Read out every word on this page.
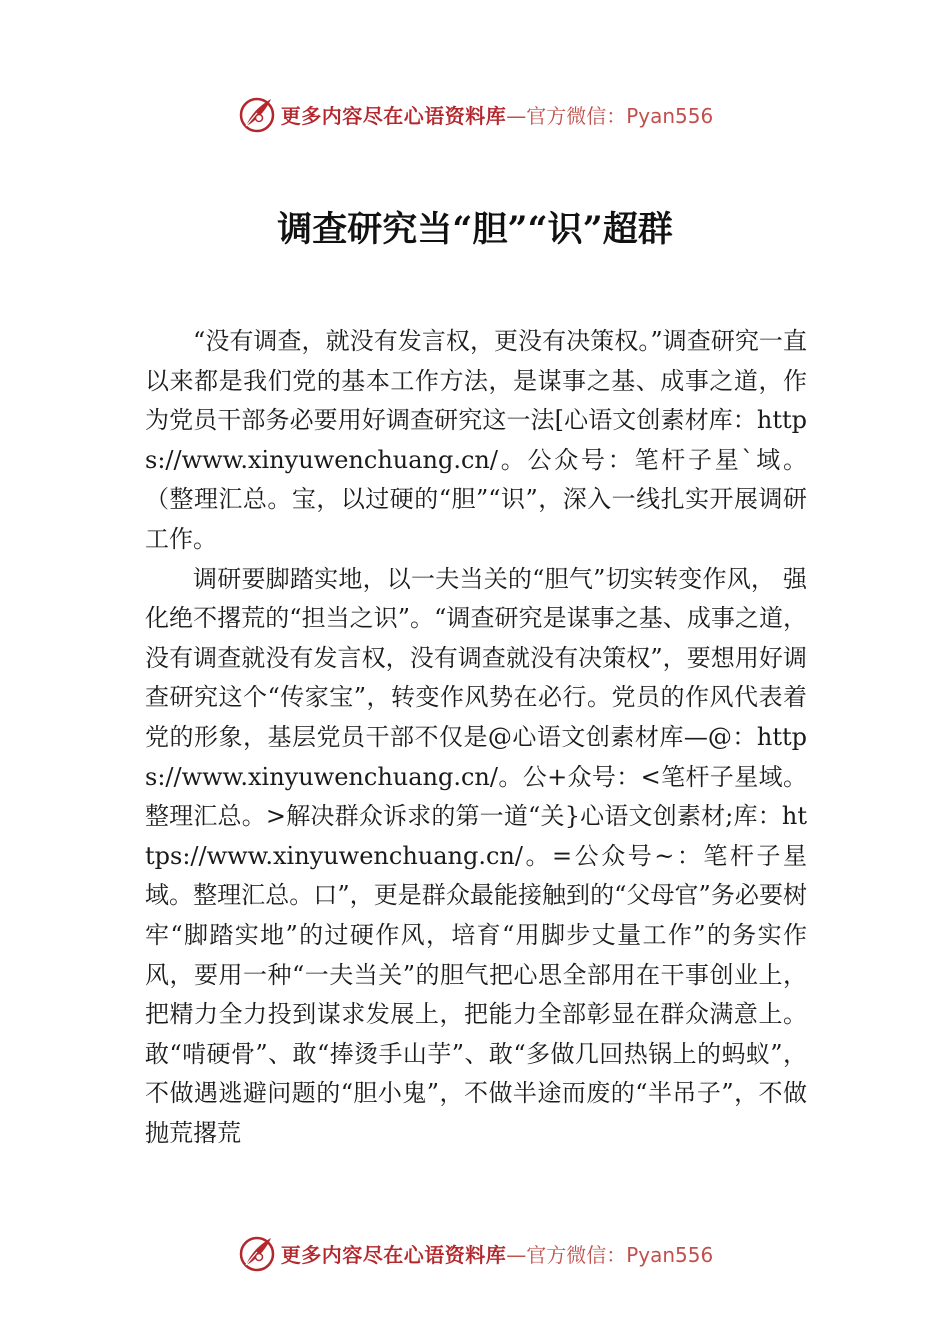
更多内容尽在心语资料库 —官方微信：Pyan556
调查研究当“胆”“识”超群

“没有调查，就没有发言权，更没有决策权。”调查研究一直以来都是我们党的基本工作方法，是谋事之基、成事之道，作为党员干部务必要用好调查研究这一法[心语文创素材库：https://www.xinyuwenchuang.cn/。公众号：笔杆子星`域。（整理汇总。宝，以过硬的“胆”“识”，深入一线扎实开展调研工作。

调研要脚踏实地，以一夫当关的“胆气”切实转变作风， 强化绝不撂荒的“担当之识”。“调查研究是谋事之基、成事之道，没有调查就没有发言权，没有调查就没有决策权”，要想用好调查研究这个“传家宝”，转变作风势在必行。党员的作风代表着党的形象，基层党员干部不仅是@心语文创素材库—@：https://www.xinyuwenchuang.cn/。公+众号：<笔杆子星域。整理汇总。>解决群众诉求的第一道“关}心语文创素材;库：https://www.xinyuwenchuang.cn/。=公众号~：笔杆子星域。整理汇总。口”，更是群众最能接触到的“父母官”务必要树牢“脚踏实地”的过硬作风，培育“用脚步丈量工作”的务实作风，要用一种“一夫当关”的胆气把心思全部用在干事创业上，把精力全力投到谋求发展上，把能力全部彰显在群众满意上。敢“啃硬骨”、敢“捧烫手山芋”、敢“多做几回热锅上的蚂蚁”，不做遇逃避问题的“胆小鬼”，不做半途而废的“半吊子”，不做抛荒撂荒

更多内容尽在心语资料库 —官方微信：Pyan556
